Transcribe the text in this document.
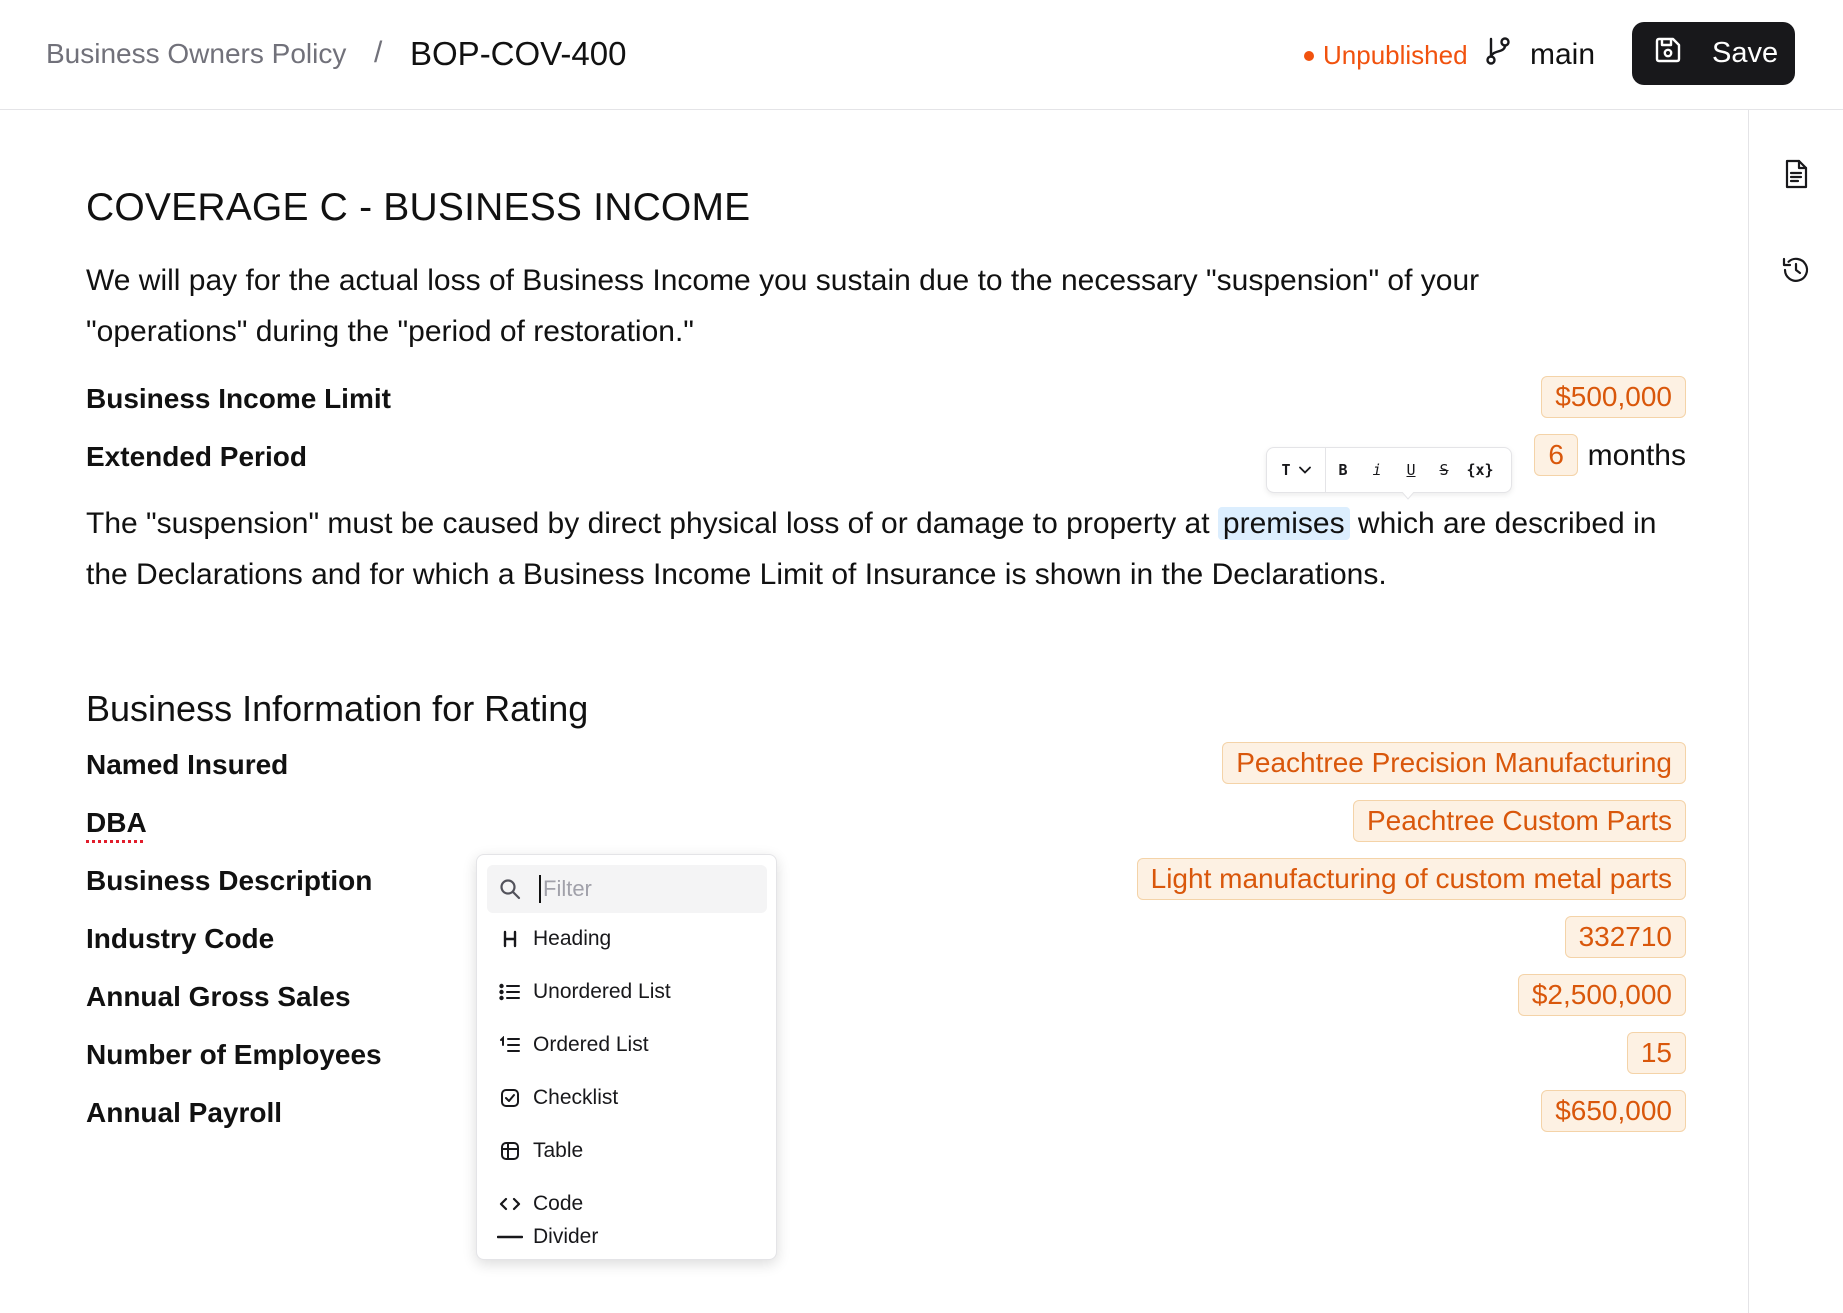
Business Owners Policy / BOP-COV-400	Unpublished main	Save
COVERAGE C - BUSINESS INCOME

We will pay for the actual loss of Business Income you sustain due to the necessary "suspension" of your "operations" during the "period of restoration."

Business Income Limit	$500,000
Extended Period	6 months

The "suspension" must be caused by direct physical loss of or damage to property at premises which are described in the Declarations and for which a Business Income Limit of Insurance is shown in the Declarations.

Business Information for Rating
Named Insured	Peachtree Precision Manufacturing
DBA	Peachtree Custom Parts
Business Description	Light manufacturing of custom metal parts
Industry Code	332710
Annual Gross Sales	$2,500,000
Number of Employees	15
Annual Payroll	$650,000
T	B	i	U	S	{x}
Filter
Heading
Unordered List
Ordered List
Checklist
Table
Code
Divider
